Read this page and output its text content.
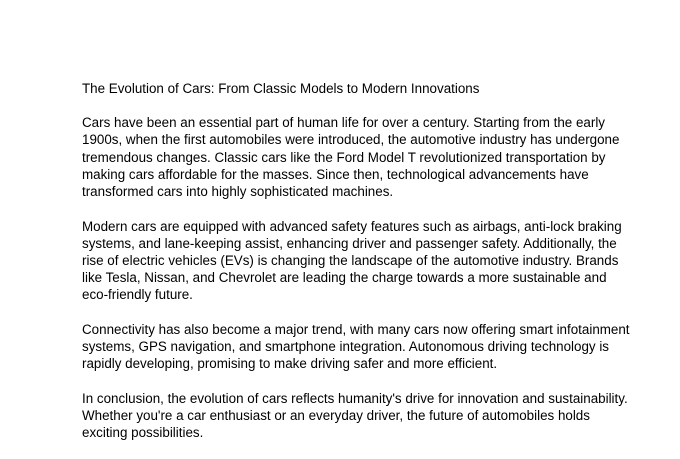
The Evolution of Cars: From Classic Models to Modern Innovations
Cars have been an essential part of human life for over a century. Starting from the early
1900s, when the first automobiles were introduced, the automotive industry has undergone
tremendous changes. Classic cars like the Ford Model T revolutionized transportation by
making cars affordable for the masses. Since then, technological advancements have
transformed cars into highly sophisticated machines.
Modern cars are equipped with advanced safety features such as airbags, anti-lock braking
systems, and lane-keeping assist, enhancing driver and passenger safety. Additionally, the
rise of electric vehicles (EVs) is changing the landscape of the automotive industry. Brands
like Tesla, Nissan, and Chevrolet are leading the charge towards a more sustainable and
eco-friendly future.
Connectivity has also become a major trend, with many cars now offering smart infotainment
systems, GPS navigation, and smartphone integration. Autonomous driving technology is
rapidly developing, promising to make driving safer and more efficient.
In conclusion, the evolution of cars reflects humanity's drive for innovation and sustainability.
Whether you're a car enthusiast or an everyday driver, the future of automobiles holds
exciting possibilities.
